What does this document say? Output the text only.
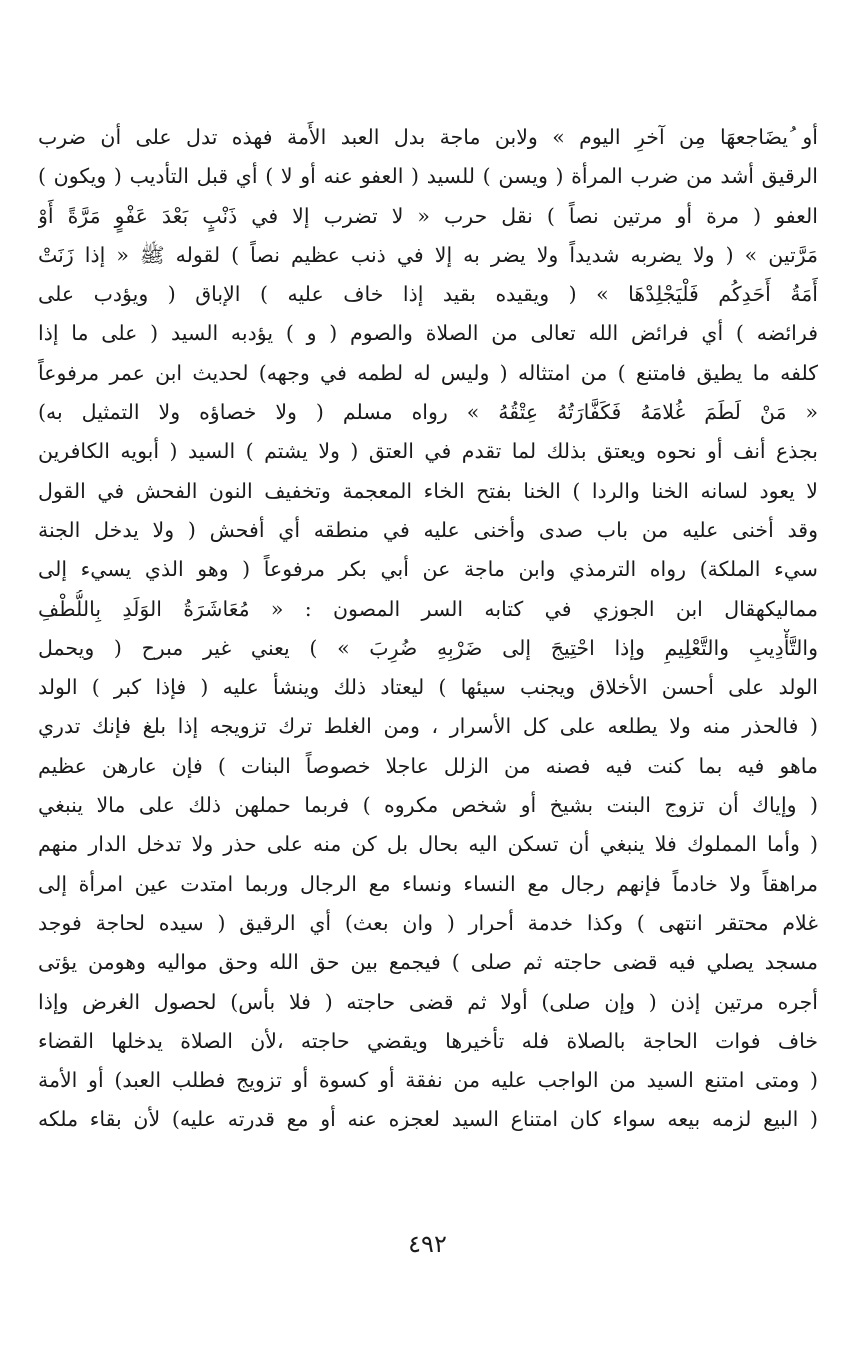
أو ⁠ُيضَاجعهَا مِن آخرِ اليوم » ولابن ماجة بدل العبد الأَمة فهذه تدل على أن ضرب
الرقيق أشد من ضرب المرأة ( ويسن ) للسيد ( العفو عنه أو لا ) أي قبل التأديب ( ويكون )
العفو ( مرة أو مرتين نصاً ) نقل حرب « لا تضرب إلا في ذَنْبٍ بَعْدَ عَفْوٍ مَرَّةً أَوْ
مَرَّتين » ( ولا يضربه شديداً ولا يضر به إلا في ذنب عظيم نصاً ) لقوله ﷺ « إذا زَنَتْ
أَمَةُ أَحَدِكُم فَلْيَجْلِدْهَا » ( ويقيده بقيد إذا خاف عليه ) الإباق ( ويؤدب على
فرائضه ) أي فرائض الله تعالى من الصلاة والصوم ( و ) يؤدبه السيد ( على ما إذا
كلفه ما يطيق فامتنع ) من امتثاله ( وليس له لطمه في وجهه) لحديث ابن عمر مرفوعاً
« مَنْ لَطَمَ غُلامَهُ فَكَفَّارَتُهُ عِتْقُهُ » رواه مسلم ( ولا خصاؤه ولا التمثيل به)
بجذع أنف أو نحوه ويعتق بذلك لما تقدم في العتق ( ولا يشتم ) السيد ( أبويه الكافرين
لا يعود لسانه الخنا والردا ) الخنا بفتح الخاء المعجمة وتخفيف النون الفحش في القول
وقد أخنى عليه من باب صدى وأخنى عليه في منطقه أي أفحش ( ولا يدخل الجنة
سيء الملكة) رواه الترمذي وابن ماجة عن أبي بكر مرفوعاً ( وهو الذي يسيء إلى
مماليكهقال ابن الجوزي في كتابه السر المصون : « مُعَاشَرَةُ الوَلَدِ بِاللُّطْفِ
والتَّأْدِيبِ والتَّعْلِيمِ وإذا احْتِيجَ إلى ضَرْبِهِ ضُرِبَ » ) يعني غير مبرح ( ويحمل
الولد على أحسن الأخلاق ويجنب سيئها ) ليعتاد ذلك وينشأ عليه ( فإذا كبر ) الولد
( فالحذر منه ولا يطلعه على كل الأسرار ، ومن الغلط ترك تزويجه إذا بلغ فإنك تدري
ماهو فيه بما كنت فيه فصنه من الزلل عاجلا خصوصاً البنات ) فإن عارهن عظيم
( وإياك أن تزوج البنت بشيخ أو شخص مكروه ) فربما حملهن ذلك على مالا ينبغي
( وأما المملوك فلا ينبغي أن تسكن اليه بحال بل كن منه على حذر ولا تدخل الدار منهم
مراهقاً ولا خادماً فإنهم رجال مع النساء ونساء مع الرجال وربما امتدت عين امرأة إلى
غلام محتقر انتهى ) وكذا خدمة أحرار ( وان بعث) أي الرقيق ( سيده لحاجة فوجد
مسجد يصلي فيه قضى حاجته ثم صلى ) فيجمع بين حق الله وحق مواليه وهومن يؤتى
أجره مرتين إذن ( وإن صلى) أولا ثم قضى حاجته ( فلا بأس) لحصول الغرض وإذا
خاف فوات الحاجة بالصلاة فله تأخيرها ويقضي حاجته ،لأن الصلاة يدخلها القضاء
( ومتى امتنع السيد من الواجب عليه من نفقة أو كسوة أو تزويج فطلب العبد) أو الأمة
( البيع لزمه بيعه سواء كان امتناع السيد لعجزه عنه أو مع قدرته عليه) لأن بقاء ملكه
٤٩٢
